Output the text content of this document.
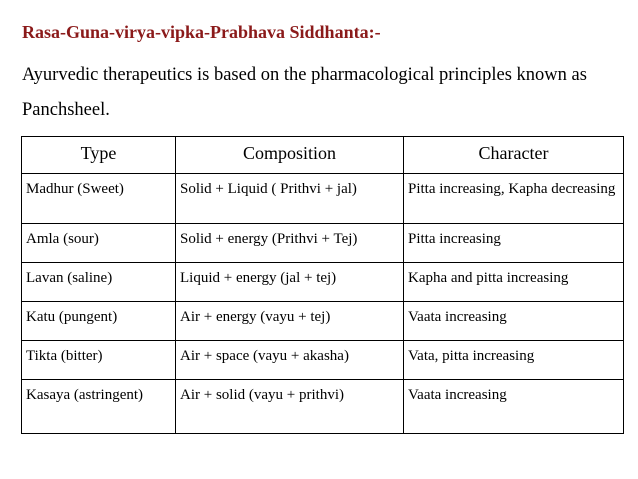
Rasa-Guna-virya-vipka-Prabhava Siddhanta:-

Ayurvedic therapeutics is based on the pharmacological principles known as Panchsheel.

Type	Composition	Character
Madhur (Sweet)	Solid + Liquid ( Prithvi + jal)	Pitta increasing, Kapha decreasing
Amla (sour)	Solid + energy (Prithvi + Tej)	Pitta increasing
Lavan (saline)	Liquid + energy (jal + tej)	Kapha and pitta increasing
Katu (pungent)	Air + energy (vayu + tej)	Vaata increasing
Tikta (bitter)	Air + space (vayu + akasha)	Vata, pitta increasing
Kasaya (astringent)	Air + solid (vayu + prithvi)	Vaata increasing
